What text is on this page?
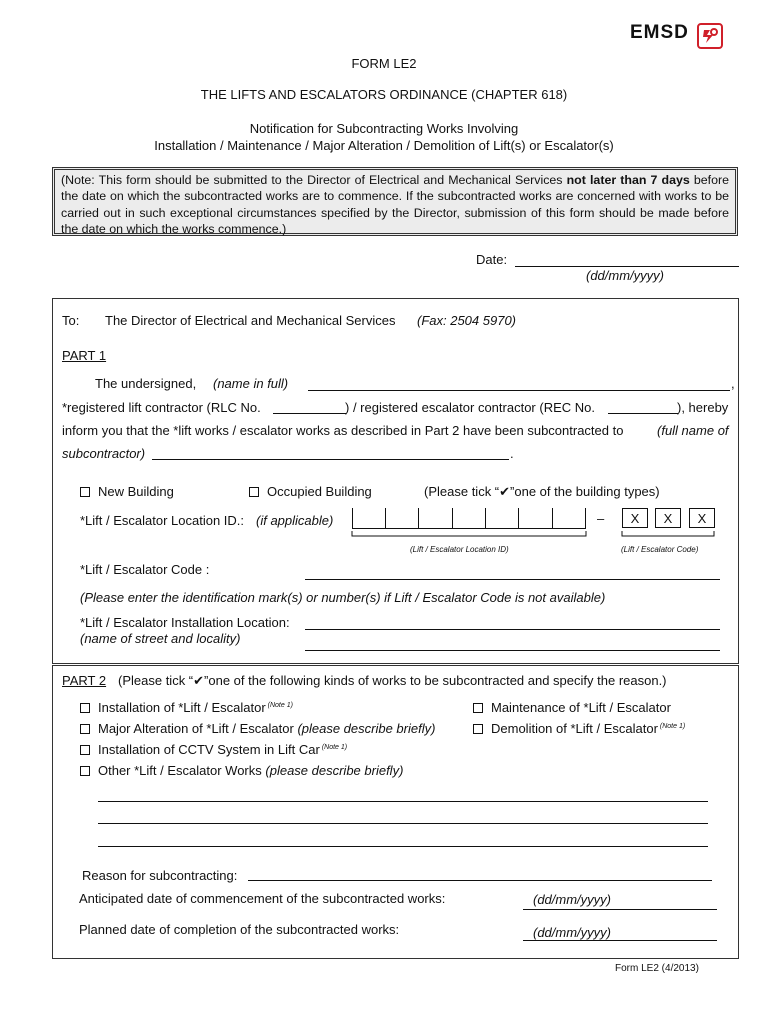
EMSD
FORM LE2
THE LIFTS AND ESCALATORS ORDINANCE (CHAPTER 618)
Notification for Subcontracting Works Involving
Installation / Maintenance / Major Alteration / Demolition of Lift(s) or Escalator(s)
(Note: This form should be submitted to the Director of Electrical and Mechanical Services not later than 7 days before the date on which the subcontracted works are to commence. If the subcontracted works are concerned with works to be carried out in such exceptional circumstances specified by the Director, submission of this form should be made before the date on which the works commence.)
Date:
(dd/mm/yyyy)
To: The Director of Electrical and Mechanical Services (Fax: 2504 5970)
PART 1
The undersigned, (name in full)	,
*registered lift contractor (RLC No.	) / registered escalator contractor (REC No.	), hereby
inform you that the *lift works / escalator works as described in Part 2 have been subcontracted to	(full name of
subcontractor)	.
New Building	Occupied Building	(Please tick “✔”one of the building types)
*Lift / Escalator Location ID.: (if applicable)	–	X	X	X
(Lift / Escalator Location ID)	(Lift / Escalator Code)
*Lift / Escalator Code :
(Please enter the identification mark(s) or number(s) if Lift / Escalator Code is not available)
*Lift / Escalator Installation Location:
(name of street and locality)
PART 2 (Please tick “✔”one of the following kinds of works to be subcontracted and specify the reason.)
Installation of *Lift / Escalator $^{(Note 1)}$	Maintenance of *Lift / Escalator
Major Alteration of *Lift / Escalator (please describe briefly)	Demolition of *Lift / Escalator $^{(Note 1)}$
Installation of CCTV System in Lift Car $^{(Note 1)}$
Other *Lift / Escalator Works (please describe briefly)
Reason for subcontracting:
Anticipated date of commencement of the subcontracted works:	(dd/mm/yyyy)
Planned date of completion of the subcontracted works:	(dd/mm/yyyy)
Form LE2 (4/2013)
